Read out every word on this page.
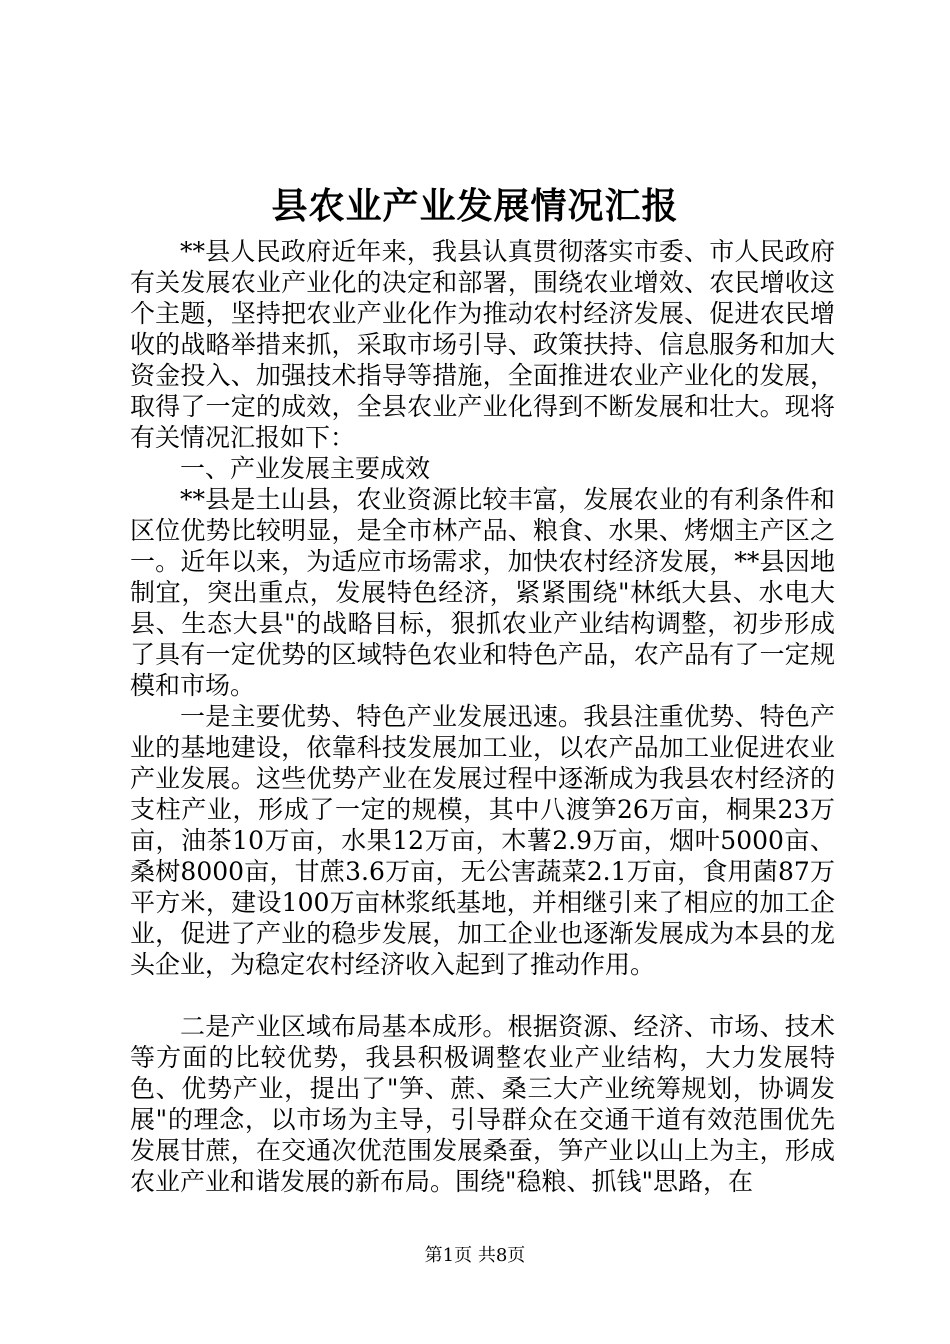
县农业产业发展情况汇报

**县人民政府近年来，我县认真贯彻落实市委、市人民政府有关发展农业产业化的决定和部署，围绕农业增效、农民增收这个主题，坚持把农业产业化作为推动农村经济发展、促进农民增收的战略举措来抓，采取市场引导、政策扶持、信息服务和加大资金投入、加强技术指导等措施，全面推进农业产业化的发展，取得了一定的成效，全县农业产业化得到不断发展和壮大。现将有关情况汇报如下：

一、产业发展主要成效

**县是土山县，农业资源比较丰富，发展农业的有利条件和区位优势比较明显，是全市林产品、粮食、水果、烤烟主产区之一。近年以来，为适应市场需求，加快农村经济发展，**县因地制宜，突出重点，发展特色经济，紧紧围绕"林纸大县、水电大县、生态大县"的战略目标，狠抓农业产业结构调整，初步形成了具有一定优势的区域特色农业和特色产品，农产品有了一定规模和市场。

一是主要优势、特色产业发展迅速。我县注重优势、特色产业的基地建设，依靠科技发展加工业，以农产品加工业促进农业产业发展。这些优势产业在发展过程中逐渐成为我县农村经济的支柱产业，形成了一定的规模，其中八渡笋26万亩，桐果23万亩，油茶10万亩，水果12万亩，木薯2.9万亩，烟叶5000亩、桑树8000亩，甘蔗3.6万亩，无公害蔬菜2.1万亩，食用菌87万平方米，建设100万亩林浆纸基地，并相继引来了相应的加工企业，促进了产业的稳步发展，加工企业也逐渐发展成为本县的龙头企业，为稳定农村经济收入起到了推动作用。

二是产业区域布局基本成形。根据资源、经济、市场、技术等方面的比较优势，我县积极调整农业产业结构，大力发展特色、优势产业，提出了"笋、蔗、桑三大产业统筹规划，协调发展"的理念，以市场为主导，引导群众在交通干道有效范围优先发展甘蔗，在交通次优范围发展桑蚕，笋产业以山上为主，形成农业产业和谐发展的新布局。围绕"稳粮、抓钱"思路，在

第1页 共8页
